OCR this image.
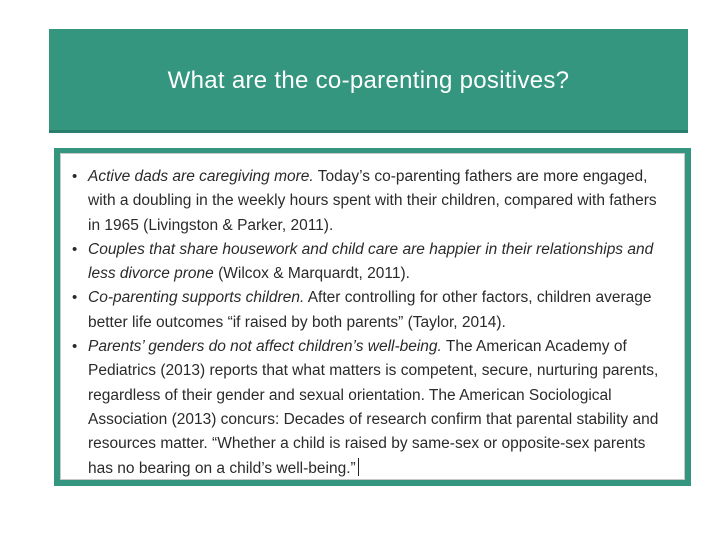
What are the co-parenting positives?
• Active dads are caregiving more. Today’s co-parenting fathers are more engaged, with a doubling in the weekly hours spent with their children, compared with fathers in 1965 (Livingston & Parker, 2011).
• Couples that share housework and child care are happier in their relationships and less divorce prone (Wilcox & Marquardt, 2011).
• Co-parenting supports children. After controlling for other factors, children average better life outcomes “if raised by both parents” (Taylor, 2014).
• Parents’ genders do not affect children’s well-being. The American Academy of Pediatrics (2013) reports that what matters is competent, secure, nurturing parents, regardless of their gender and sexual orientation. The American Sociological Association (2013) concurs: Decades of research confirm that parental stability and resources matter. “Whether a child is raised by same-sex or opposite-sex parents has no bearing on a child’s well-being.”
